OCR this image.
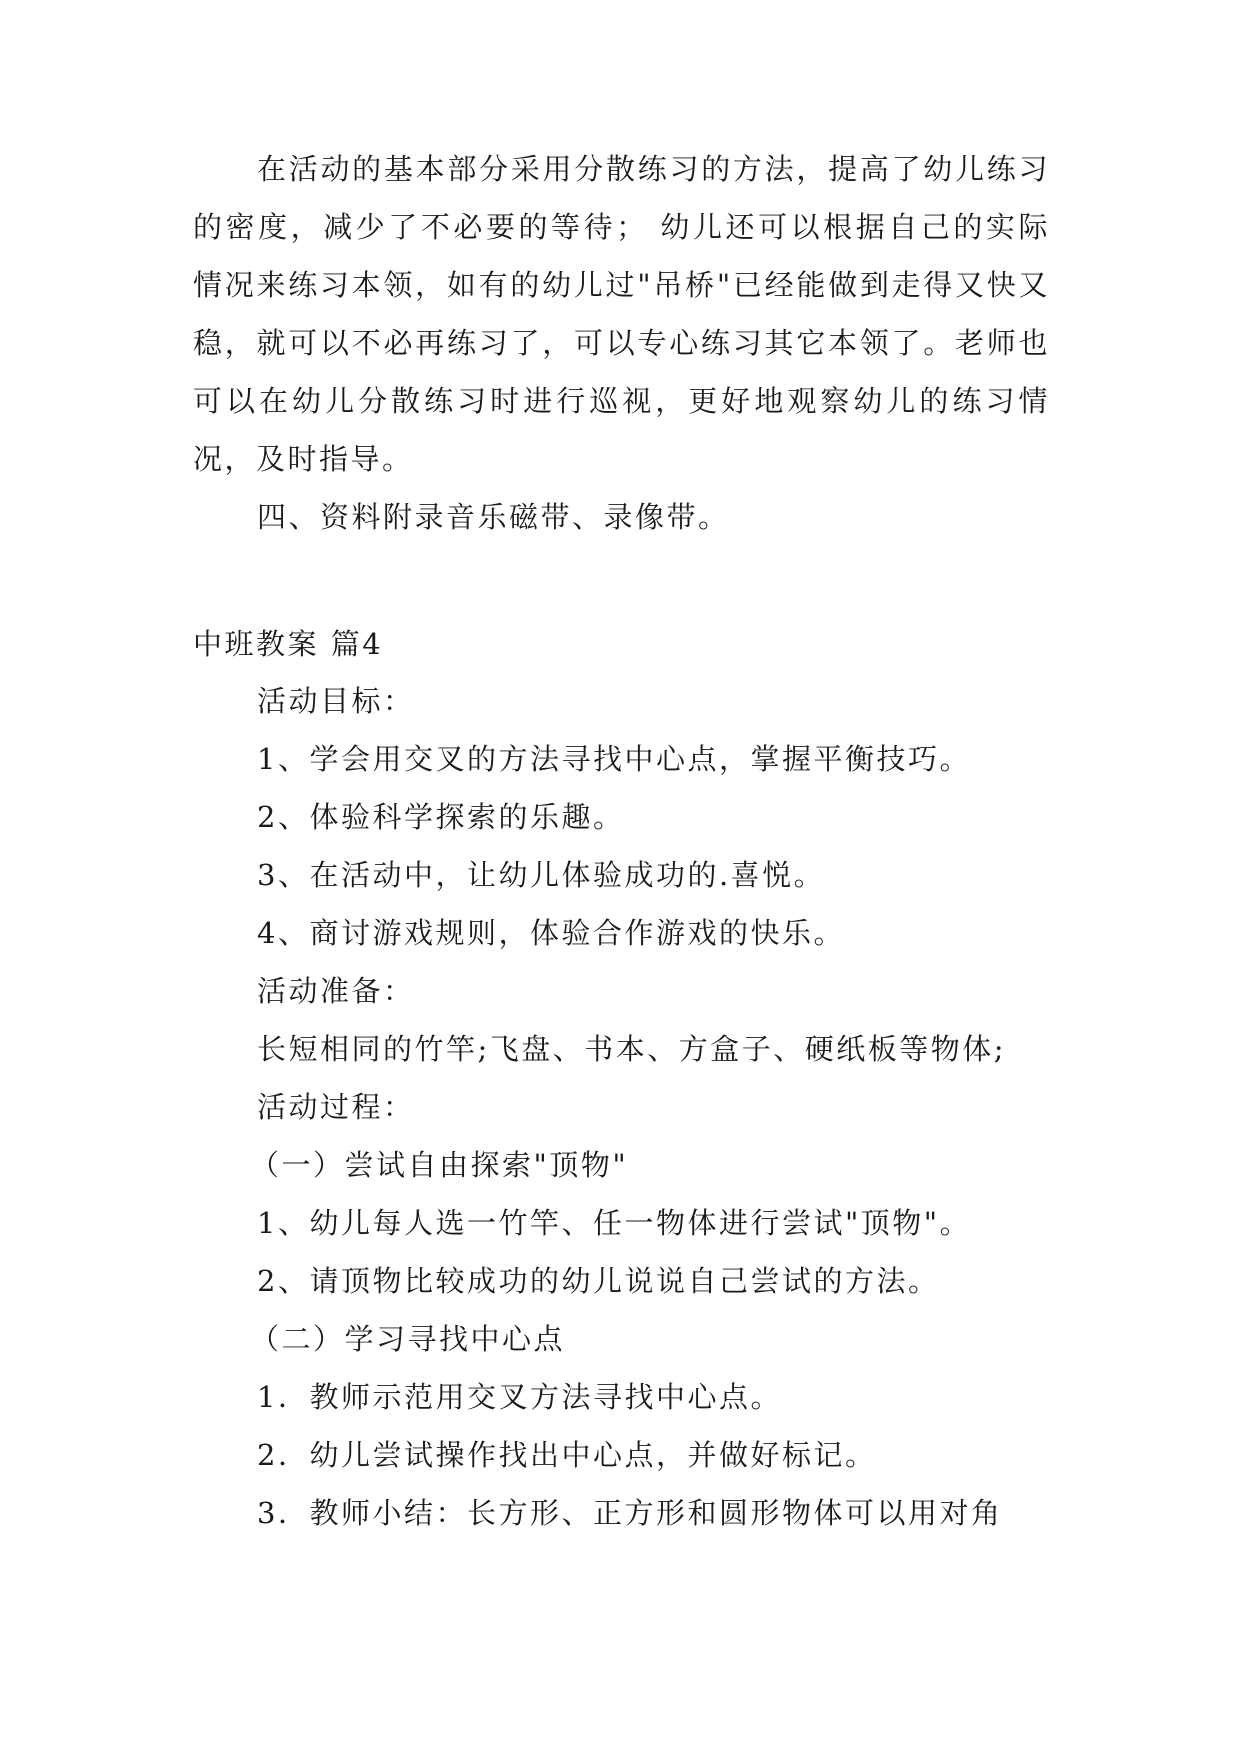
在活动的基本部分采用分散练习的方法，提高了幼儿练习的密度，减少了不必要的等待； 幼儿还可以根据自己的实际情况来练习本领，如有的幼儿过"吊桥"已经能做到走得又快又稳，就可以不必再练习了，可以专心练习其它本领了。老师也可以在幼儿分散练习时进行巡视，更好地观察幼儿的练习情况，及时指导。

四、资料附录音乐磁带、录像带。

中班教案 篇4
活动目标：
1、学会用交叉的方法寻找中心点，掌握平衡技巧。
2、体验科学探索的乐趣。
3、在活动中，让幼儿体验成功的.喜悦。
4、商讨游戏规则，体验合作游戏的快乐。
活动准备：
长短相同的竹竿;飞盘、书本、方盒子、硬纸板等物体;
活动过程：
（一）尝试自由探索"顶物"
1、幼儿每人选一竹竿、任一物体进行尝试"顶物"。
2、请顶物比较成功的幼儿说说自己尝试的方法。
（二）学习寻找中心点
1．教师示范用交叉方法寻找中心点。
2．幼儿尝试操作找出中心点，并做好标记。
3．教师小结：长方形、正方形和圆形物体可以用对角
